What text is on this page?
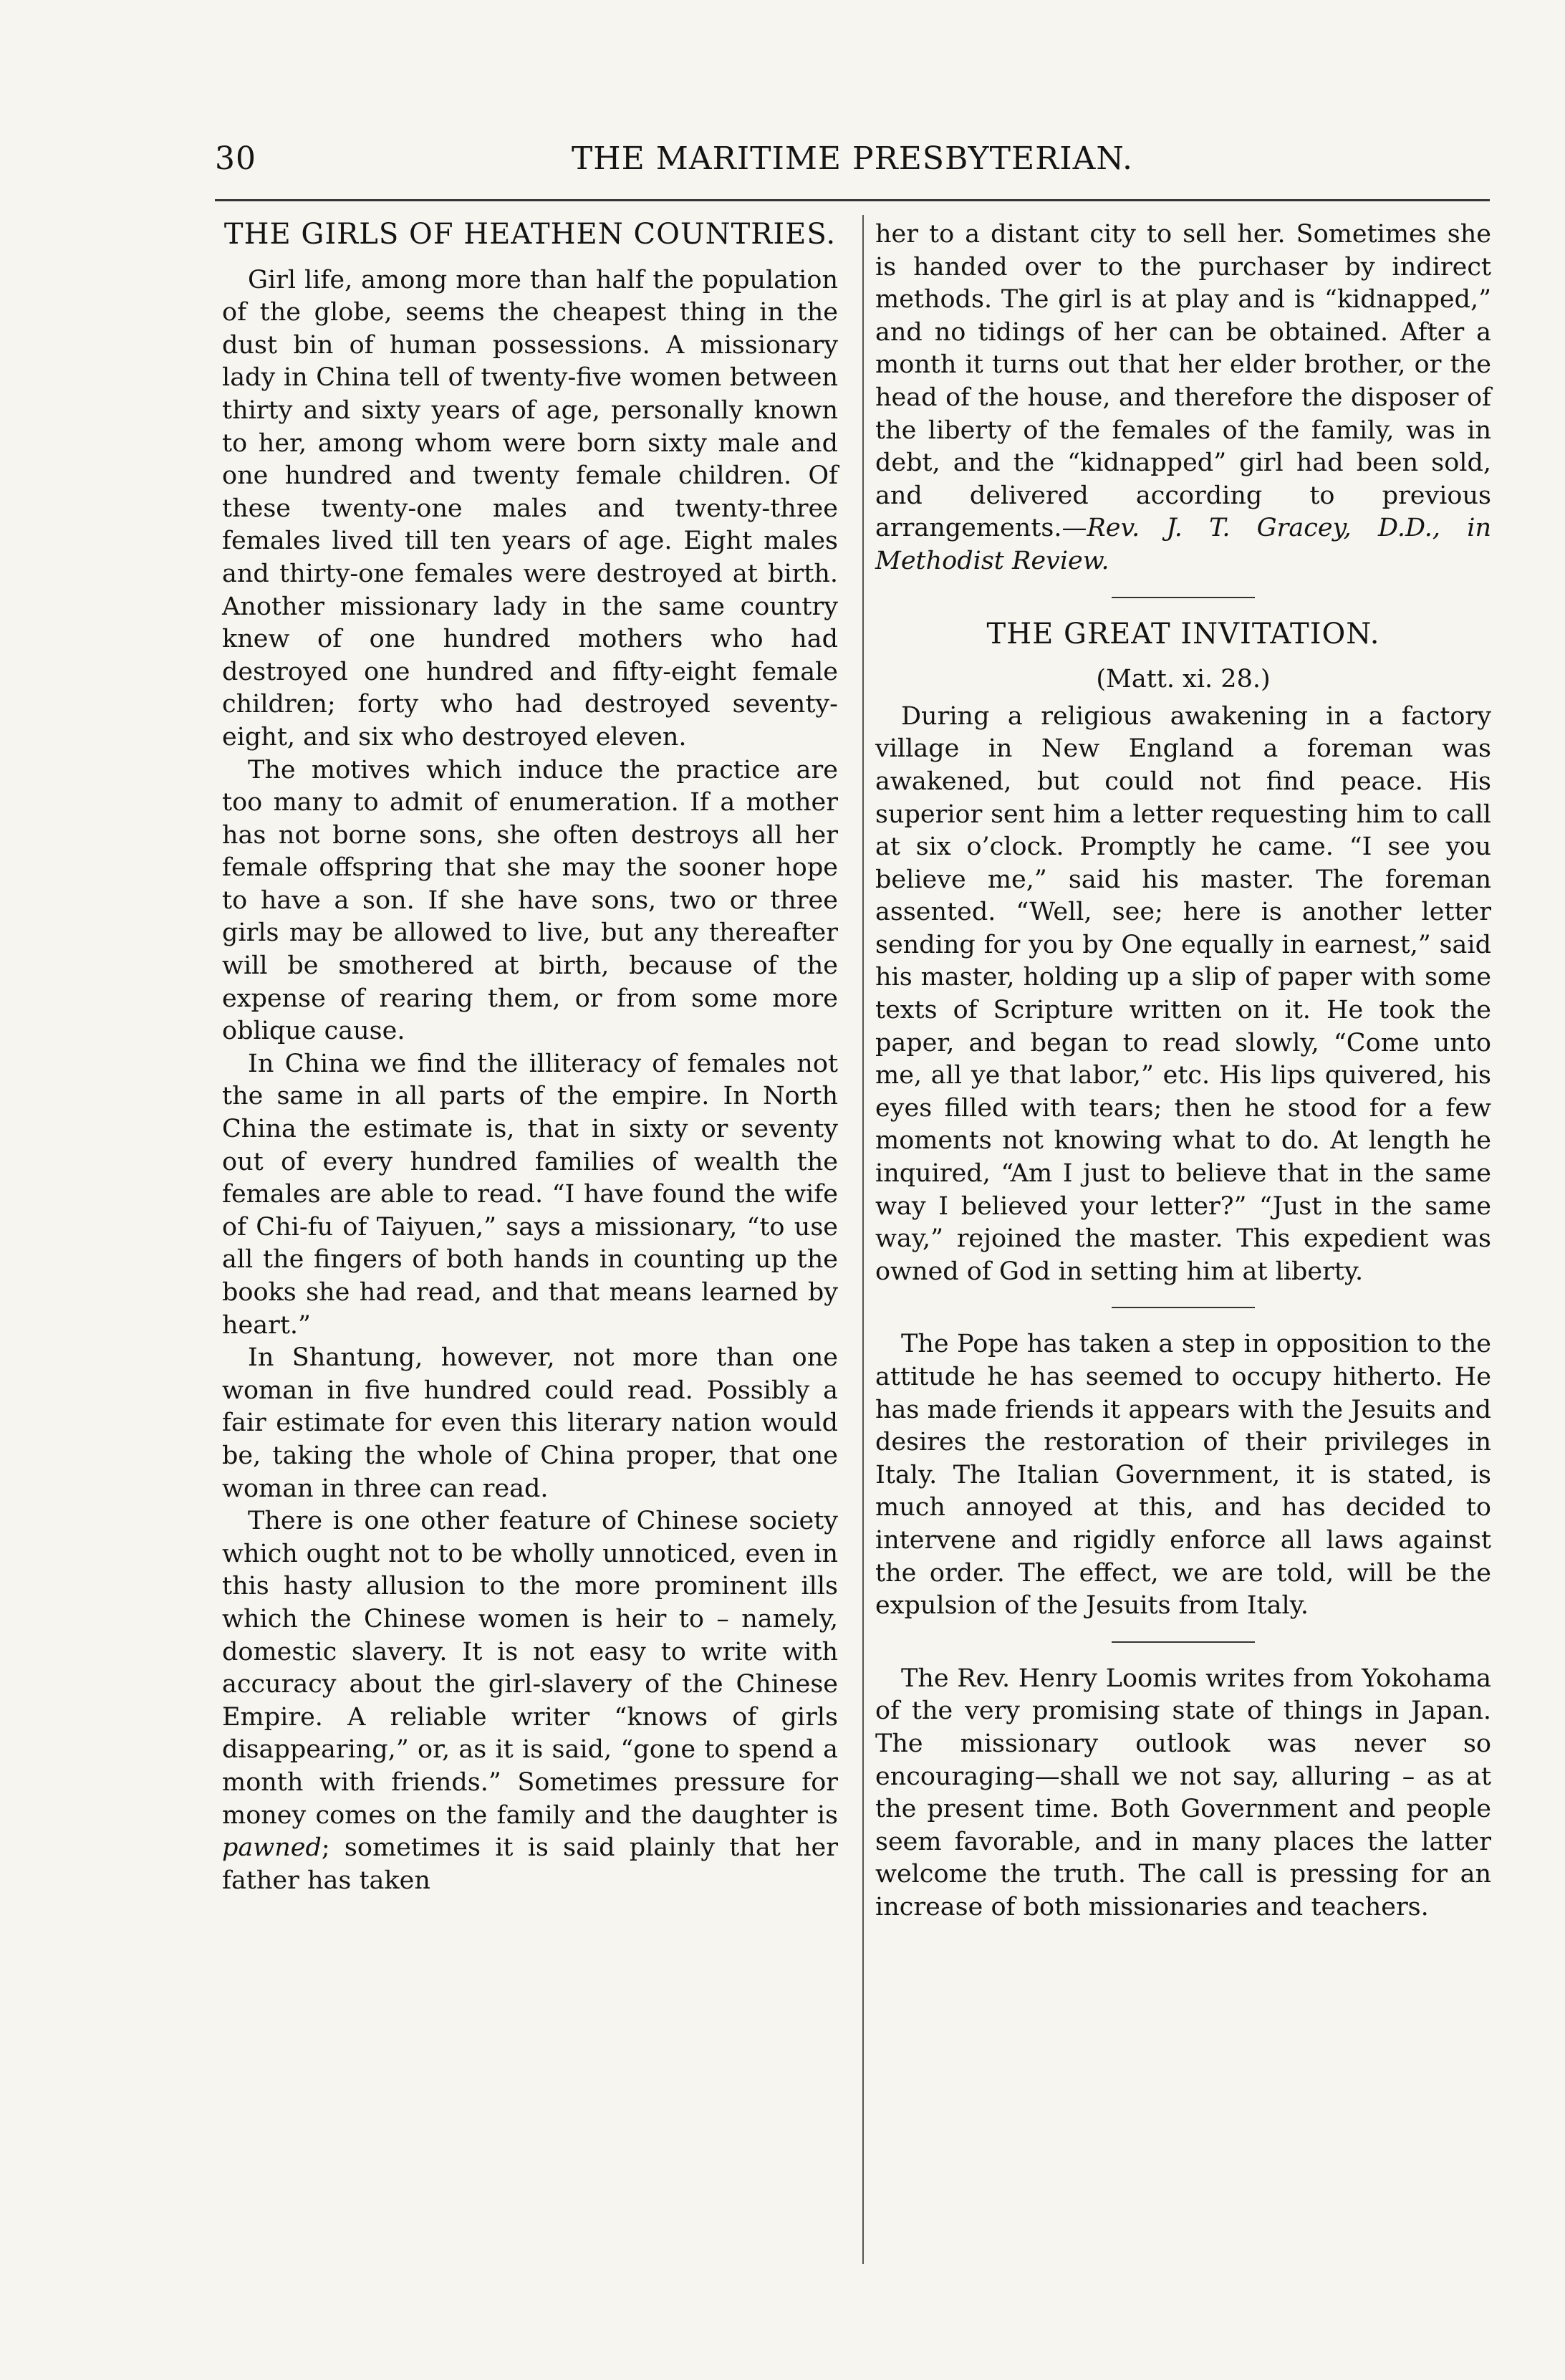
30	THE MARITIME PRESBYTERIAN.
THE GIRLS OF HEATHEN COUNTRIES.

Girl life, among more than half the population of the globe, seems the cheapest thing in the dust bin of human possessions. A missionary lady in China tell of twenty-five women between thirty and sixty years of age, personally known to her, among whom were born sixty male and one hundred and twenty female children. Of these twenty-one males and twenty-three females lived till ten years of age. Eight males and thirty-one females were destroyed at birth. Another missionary lady in the same country knew of one hundred mothers who had destroyed one hundred and fifty-eight female children; forty who had destroyed seventy-eight, and six who destroyed eleven.

The motives which induce the practice are too many to admit of enumeration. If a mother has not borne sons, she often destroys all her female offspring that she may the sooner hope to have a son. If she have sons, two or three girls may be allowed to live, but any thereafter will be smothered at birth, because of the expense of rearing them, or from some more oblique cause.

In China we find the illiteracy of females not the same in all parts of the empire. In North China the estimate is, that in sixty or seventy out of every hundred families of wealth the females are able to read. “I have found the wife of Chi-fu of Taiyuen,” says a missionary, “to use all the fingers of both hands in counting up the books she had read, and that means learned by heart.”

In Shantung, however, not more than one woman in five hundred could read. Possibly a fair estimate for even this literary nation would be, taking the whole of China proper, that one woman in three can read.

There is one other feature of Chinese society which ought not to be wholly unnoticed, even in this hasty allusion to the more prominent ills which the Chinese women is heir to – namely, domestic slavery. It is not easy to write with accuracy about the girl-slavery of the Chinese Empire. A reliable writer “knows of girls disappearing,” or, as it is said, “gone to spend a month with friends.” Sometimes pressure for money comes on the family and the daughter is pawned; sometimes it is said plainly that her father has taken

her to a distant city to sell her. Sometimes she is handed over to the purchaser by indirect methods. The girl is at play and is “kidnapped,” and no tidings of her can be obtained. After a month it turns out that her elder brother, or the head of the house, and therefore the disposer of the liberty of the females of the family, was in debt, and the “kidnapped” girl had been sold, and delivered according to previous arrangements.—Rev. J. T. Gracey, D.D., in Methodist Review.

THE GREAT INVITATION.
(Matt. xi. 28.)

During a religious awakening in a factory village in New England a foreman was awakened, but could not find peace. His superior sent him a letter requesting him to call at six o’clock. Promptly he came. “I see you believe me,” said his master. The foreman assented. “Well, see; here is another letter sending for you by One equally in earnest,” said his master, holding up a slip of paper with some texts of Scripture written on it. He took the paper, and began to read slowly, “Come unto me, all ye that labor,” etc. His lips quivered, his eyes filled with tears; then he stood for a few moments not knowing what to do. At length he inquired, “Am I just to believe that in the same way I believed your letter?” “Just in the same way,” rejoined the master. This expedient was owned of God in setting him at liberty.

The Pope has taken a step in opposition to the attitude he has seemed to occupy hitherto. He has made friends it appears with the Jesuits and desires the restoration of their privileges in Italy. The Italian Government, it is stated, is much annoyed at this, and has decided to intervene and rigidly enforce all laws against the order. The effect, we are told, will be the expulsion of the Jesuits from Italy.

The Rev. Henry Loomis writes from Yokohama of the very promising state of things in Japan. The missionary outlook was never so encouraging—shall we not say, alluring – as at the present time. Both Government and people seem favorable, and in many places the latter welcome the truth. The call is pressing for an increase of both missionaries and teachers.
